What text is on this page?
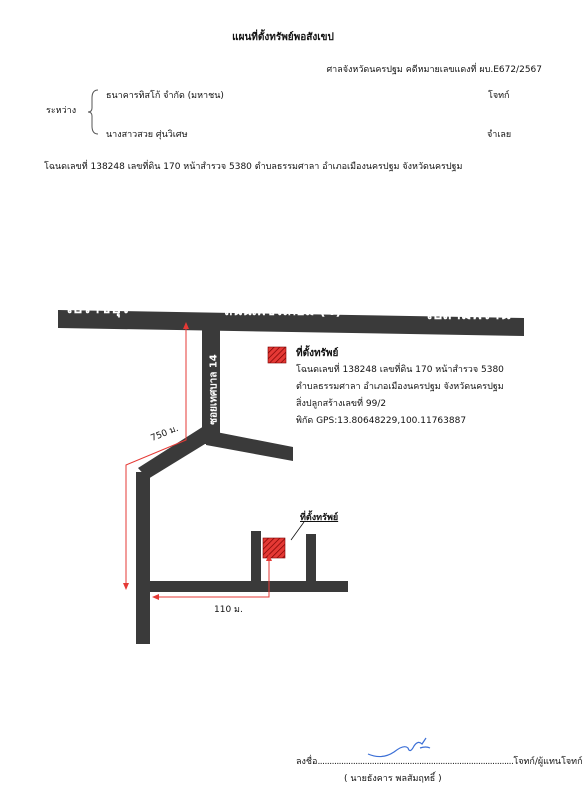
แผนที่ตั้งทรัพย์พอสังเขป
ศาลจังหวัดนครปฐม คดีหมายเลขแดงที่ ผบ.E672/2567
ระหว่าง
ธนาคารทิสโก้ จำกัด (มหาชน)	โจทก์
นางสาวสวย ศุ่นวิเศษ	จำเลย
โฉนดเลขที่ 138248 เลขที่ดิน 170 หน้าสำรวจ 5380 ตำบลธรรมศาลา อำเภอเมืองนครปฐม จังหวัดนครปฐม
ไปราชบุรี	ถนนเพชรเกษม (4)	ไปสามพราน
ซอยเทศบาล 14
750 ม.
110 ม.
ที่ตั้งทรัพย์
ที่ตั้งทรัพย์
โฉนดเลขที่ 138248 เลขที่ดิน 170 หน้าสำรวจ 5380
ตำบลธรรมศาลา อำเภอเมืองนครปฐม จังหวัดนครปฐม
สิ่งปลูกสร้างเลขที่ 99/2
พิกัด GPS:13.80648229,100.11763887
ลงชื่อ...................................................................................โจทก์/ผู้แทนโจทก์
( นายธังคาร พลสัมฤทธิ์ )
